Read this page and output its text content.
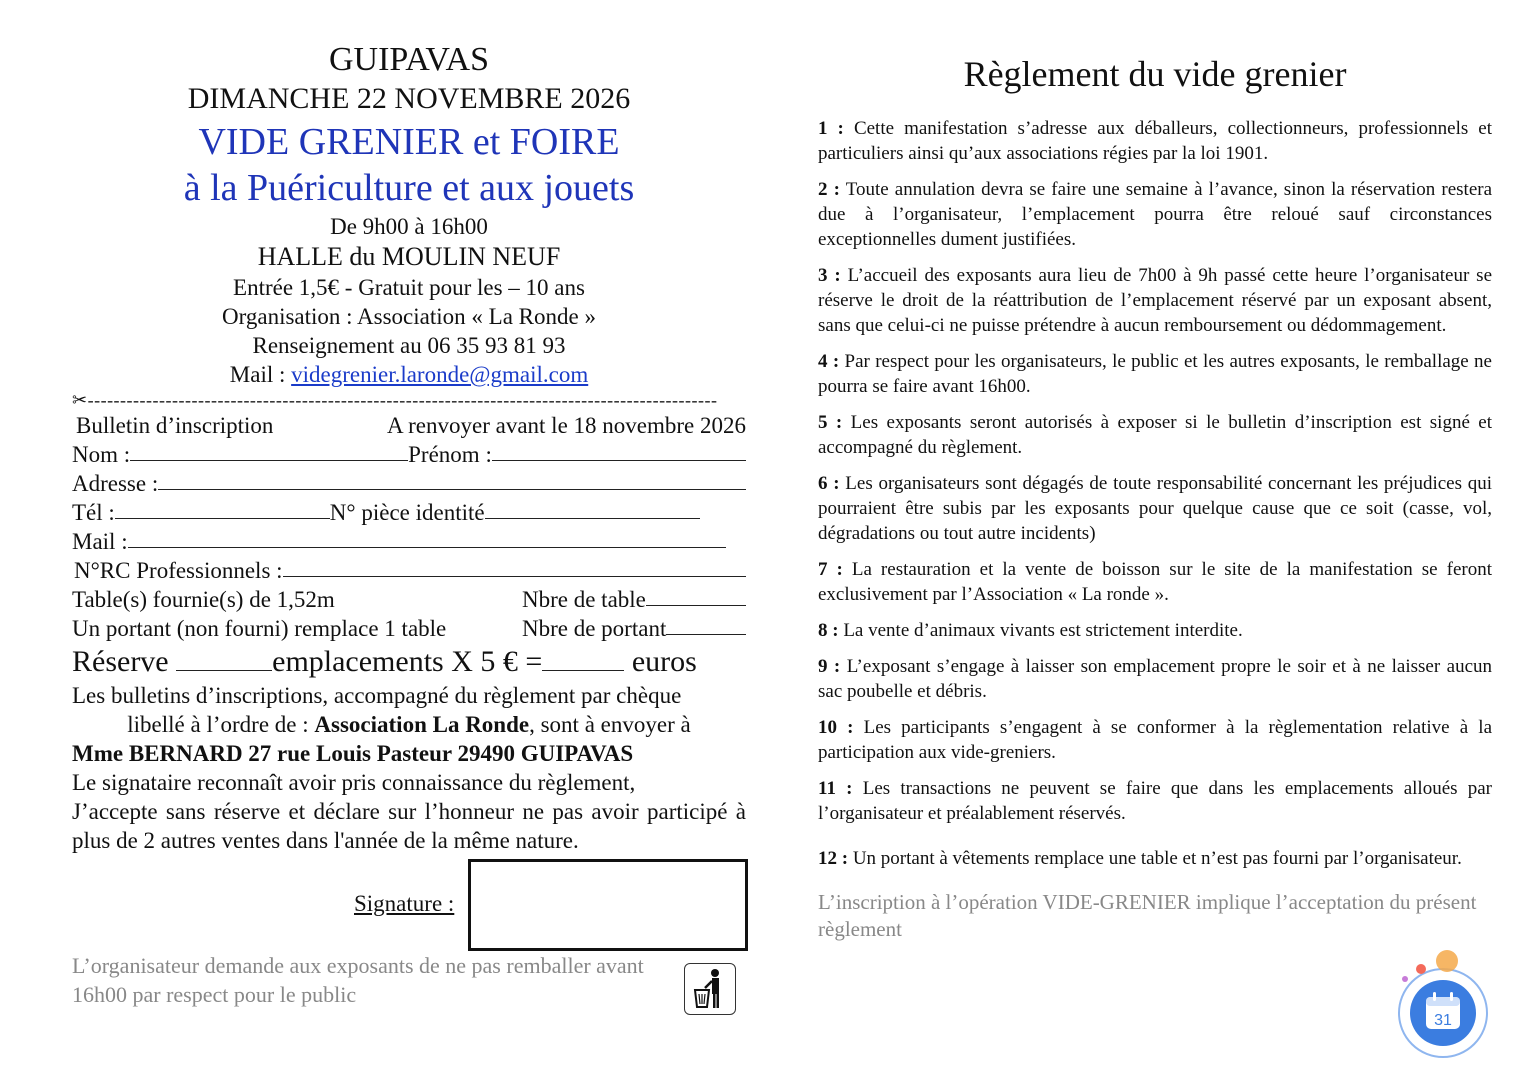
GUIPAVAS
DIMANCHE 22 NOVEMBRE 2026
VIDE GRENIER et FOIRE
à la Puériculture et aux jouets
De 9h00 à 16h00
HALLE du MOULIN NEUF
Entrée 1,5€ - Gratuit pour les – 10 ans
Organisation : Association « La Ronde »
Renseignement au 06 35 93 81 93
Mail : videgrenier.laronde@gmail.com
✂-------------------------------------------------------------------------------------------------
Bulletin d’inscription	A renvoyer avant le 18 novembre 2026
Nom :	Prénom :
Adresse :
Tél :	N° pièce identité
Mail :
N°RC Professionnels :
Table(s) fournie(s) de 1,52m	Nbre de table
Un portant (non fourni) remplace 1 table	Nbre de portant
Réserve	emplacements X 5 € =	euros
Les bulletins d’inscriptions, accompagné du règlement par chèque
libellé à l’ordre de : Association La Ronde, sont à envoyer à
Mme BERNARD 27 rue Louis Pasteur 29490 GUIPAVAS
Le signataire reconnaît avoir pris connaissance du règlement,
J’accepte sans réserve et déclare sur l’honneur ne pas avoir participé à plus de 2 autres ventes dans l'année de la même nature.
Signature :
L’organisateur demande aux exposants de ne pas remballer avant 16h00 par respect pour le public
Règlement du vide grenier
1 : Cette manifestation s’adresse aux déballeurs, collectionneurs, professionnels et particuliers ainsi qu’aux associations régies par la loi 1901.
2 : Toute annulation devra se faire une semaine à l’avance, sinon la réservation restera due à l’organisateur, l’emplacement pourra être reloué sauf circonstances exceptionnelles dument justifiées.
3 : L’accueil des exposants aura lieu de 7h00 à 9h passé cette heure l’organisateur se réserve le droit de la réattribution de l’emplacement réservé par un exposant absent, sans que celui-ci ne puisse prétendre à aucun remboursement ou dédommagement.
4 : Par respect pour les organisateurs, le public et les autres exposants, le remballage ne pourra se faire avant 16h00.
5 : Les exposants seront autorisés à exposer si le bulletin d’inscription est signé et accompagné du règlement.
6 : Les organisateurs sont dégagés de toute responsabilité concernant les préjudices qui pourraient être subis par les exposants pour quelque cause que ce soit (casse, vol, dégradations ou tout autre incidents)
7 : La restauration et la vente de boisson sur le site de la manifestation se feront exclusivement par l’Association « La ronde ».
8 : La vente d’animaux vivants est strictement interdite.
9 : L’exposant s’engage à laisser son emplacement propre le soir et à ne laisser aucun sac poubelle et débris.
10 : Les participants s’engagent à se conformer à la règlementation relative à la participation aux vide-greniers.
11 : Les transactions ne peuvent se faire que dans les emplacements alloués par l’organisateur et préalablement réservés.
12 : Un portant à vêtements remplace une table et n’est pas fourni par l’organisateur.
L’inscription à l’opération VIDE-GRENIER implique l’acceptation du présent règlement
31
